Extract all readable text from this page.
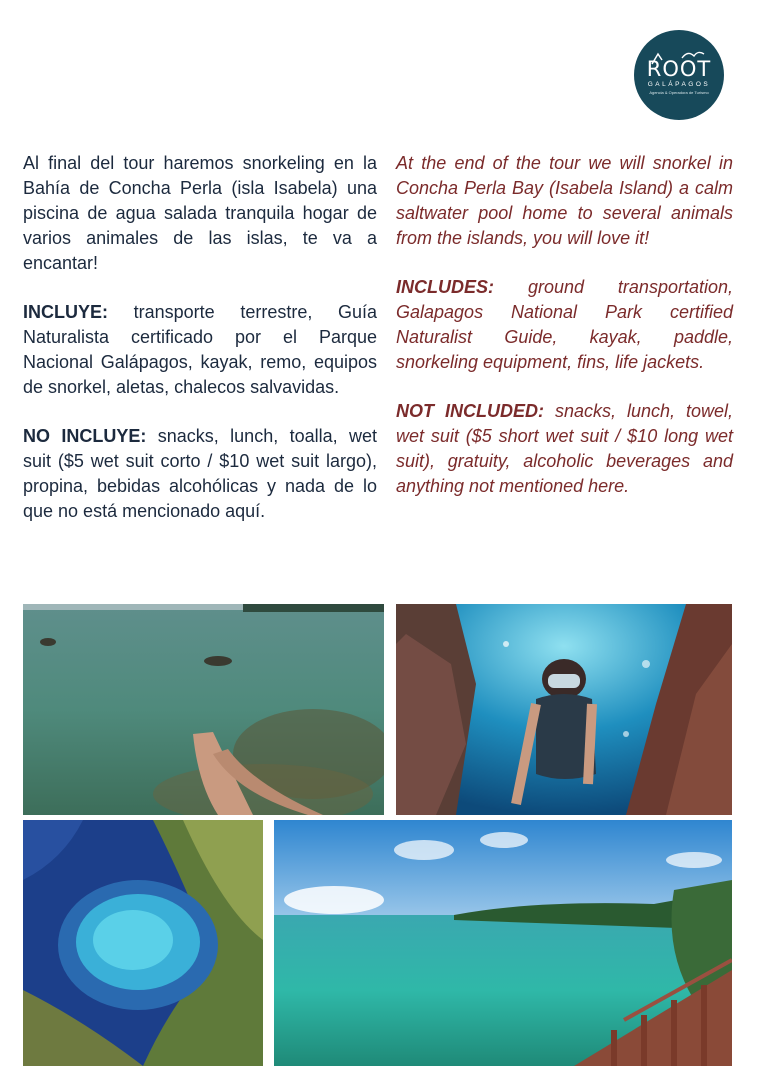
ROOT
GALÁPAGOS
Agencia & Operadora de Turismo

Al final del tour haremos snorkeling en la Bahía de Concha Perla (isla Isabela) una piscina de agua salada tranquila hogar de varios animales de las islas, te va a encantar!

INCLUYE: transporte terrestre, Guía Naturalista certificado por el Parque Nacional Galápagos, kayak, remo, equipos de snorkel, aletas, chalecos salvavidas.

NO INCLUYE: snacks, lunch, toalla, wet suit ($5 wet suit corto / $10 wet suit largo), propina, bebidas alcohólicas y nada de lo que no está mencionado aquí.

At the end of the tour we will snorkel in Concha Perla Bay (Isabela Island) a calm saltwater pool home to several animals from the islands, you will love it!

INCLUDES: ground transportation, Galapagos National Park certified Naturalist Guide, kayak, paddle, snorkeling equipment, fins, life jackets.

NOT INCLUDED: snacks, lunch, towel, wet suit ($5 short wet suit / $10 long wet suit), gratuity, alcoholic beverages and anything not mentioned here.
